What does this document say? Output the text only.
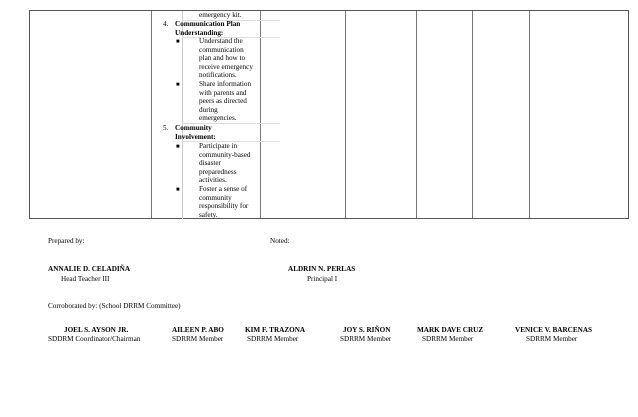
emergency kit.
4. Communication Plan
Understanding:
■	Understand the
communication
plan and how to
receive emergency
notifications.
■	Share information
with parents and
peers as directed
during
emergencies.
5. Community
Involvement:
■	Participate in
community-based
disaster
preparedness
activities.
■	Foster a sense of
community
responsibility for
safety.
Prepared by:	Noted:
ANNALIE D. CELADIÑA
Head Teacher III
ALDRIN N. PERLAS
Principal I
Corroborated by: (School DRRM Committee)
JOEL S. AYSON JR.
SDDRM Coordinator/Chairman
AILEEN P. ABO
SDRRM Member
KIM F. TRAZONA
SDRRM Member
JOY S. RIÑON
SDRRM Member
MARK DAVE CRUZ
SDRRM Member
VENICE V. BARCENAS
SDRRM Member
